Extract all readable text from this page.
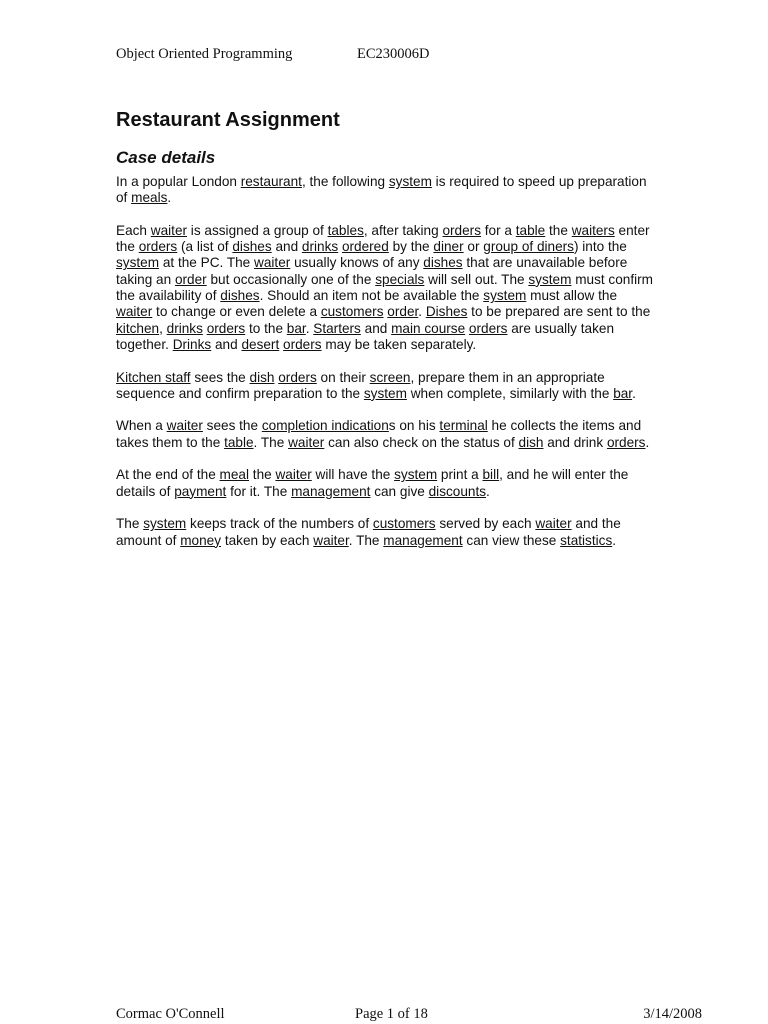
Object Oriented Programming	EC230006D
Restaurant Assignment
Case details

In a popular London restaurant, the following system is required to speed up preparation of meals.

Each waiter is assigned a group of tables, after taking orders for a table the waiters enter the orders (a list of dishes and drinks ordered by the diner or group of diners) into the system at the PC. The waiter usually knows of any dishes that are unavailable before taking an order but occasionally one of the specials will sell out. The system must confirm the availability of dishes. Should an item not be available the system must allow the waiter to change or even delete a customers order. Dishes to be prepared are sent to the kitchen, drinks orders to the bar. Starters and main course orders are usually taken together. Drinks and desert orders may be taken separately.

Kitchen staff sees the dish orders on their screen, prepare them in an appropriate sequence and confirm preparation to the system when complete, similarly with the bar.

When a waiter sees the completion indications on his terminal he collects the items and takes them to the table. The waiter can also check on the status of dish and drink orders.

At the end of the meal the waiter will have the system print a bill, and he will enter the details of payment for it. The management can give discounts.

The system keeps track of the numbers of customers served by each waiter and the amount of money taken by each waiter. The management can view these statistics.

Cormac O'Connell	Page 1 of 18	3/14/2008
